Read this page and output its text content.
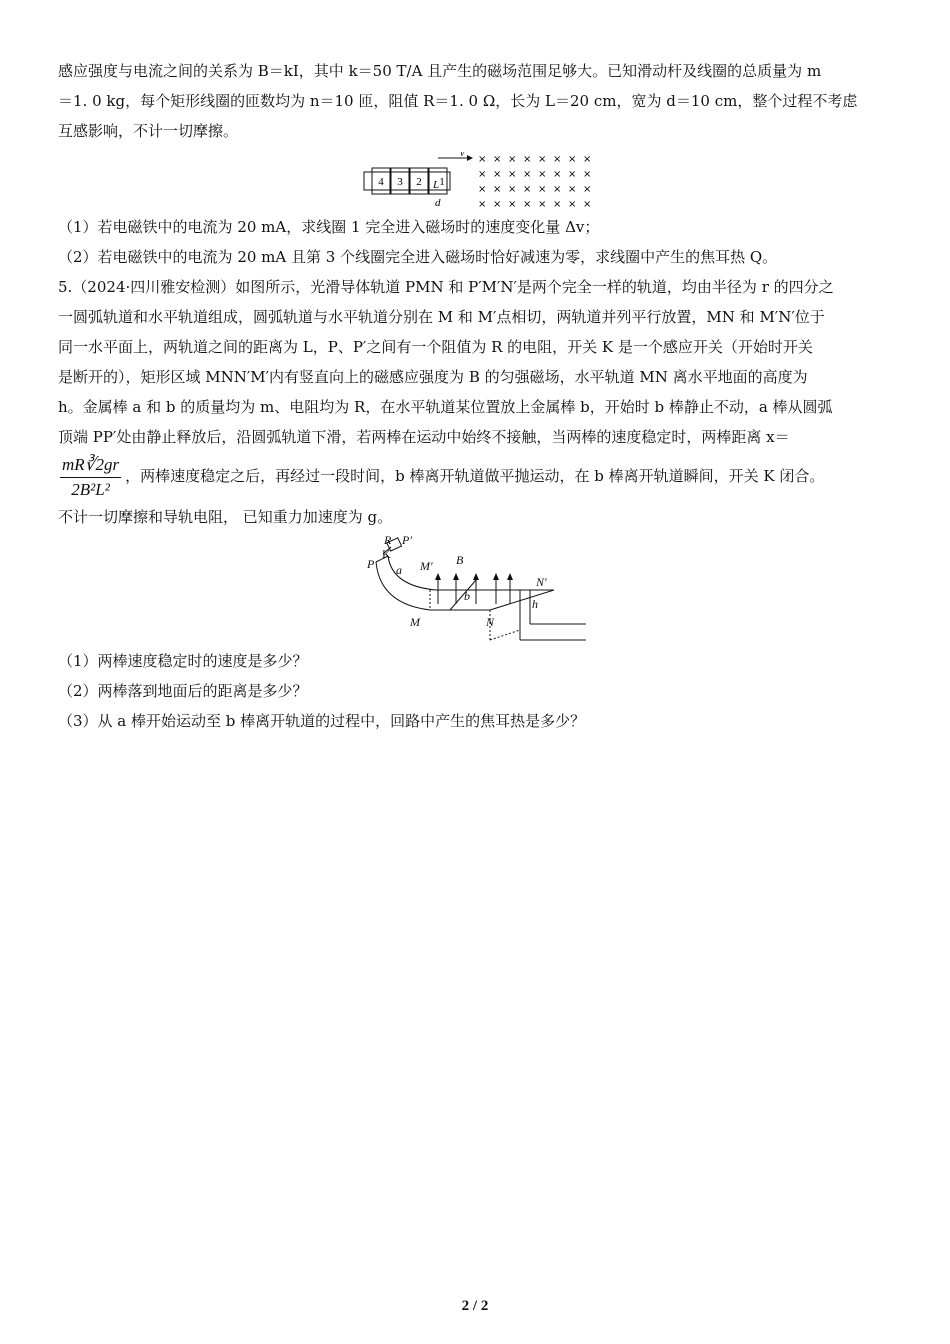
感应强度与电流之间的关系为 B＝kI，其中 k＝50 T/A 且产生的磁场范围足够大。已知滑动杆及线圈的总质量为 m

＝1. 0 kg，每个矩形线圈的匝数均为 n＝10 匝，阻值 R＝1. 0 Ω，长为 L＝20 cm，宽为 d＝10 cm，整个过程不考虑

互感影响，不计一切摩擦。

4 3 2 1
L
d
v
× × × × × × × ×
× × × × × × × ×
× × × × × × × ×
× × × × × × × ×

（1）若电磁铁中的电流为 20 mA，求线圈 1 完全进入磁场时的速度变化量 Δv；

（2）若电磁铁中的电流为 20 mA 且第 3 个线圈完全进入磁场时恰好减速为零，求线圈中产生的焦耳热 Q。

5.（2024·四川雅安检测）如图所示，光滑导体轨道 PMN 和 P′M′N′是两个完全一样的轨道，均由半径为 r 的四分之

一圆弧轨道和水平轨道组成，圆弧轨道与水平轨道分别在 M 和 M′点相切，两轨道并列平行放置，MN 和 M′N′位于

同一水平面上，两轨道之间的距离为 L，P、P′之间有一个阻值为 R 的电阻，开关 K 是一个感应开关（开始时开关

是断开的），矩形区域 MNN′M′内有竖直向上的磁感应强度为 B 的匀强磁场，水平轨道 MN 离水平地面的高度为

h。金属棒 a 和 b 的质量均为 m、电阻均为 R，在水平轨道某位置放上金属棒 b，开始时 b 棒静止不动，a 棒从圆弧

顶端 PP′处由静止释放后，沿圆弧轨道下滑，若两棒在运动中始终不接触，当两棒的速度稳定时，两棒距离 x＝

$\frac{mR∛2gr}{\text{2B²L²}}$ ，两棒速度稳定之后，再经过一段时间，b 棒离开轨道做平抛运动，在 b 棒离开轨道瞬间，开关 K 闭合。

不计一切摩擦和导轨电阻， 已知重力加速度为 g。

R P′
K
P a M′ B
b
N′
h
M	N

（1）两棒速度稳定时的速度是多少？

（2）两棒落到地面后的距离是多少？

（3）从 a 棒开始运动至 b 棒离开轨道的过程中，回路中产生的焦耳热是多少？

2 / 2
